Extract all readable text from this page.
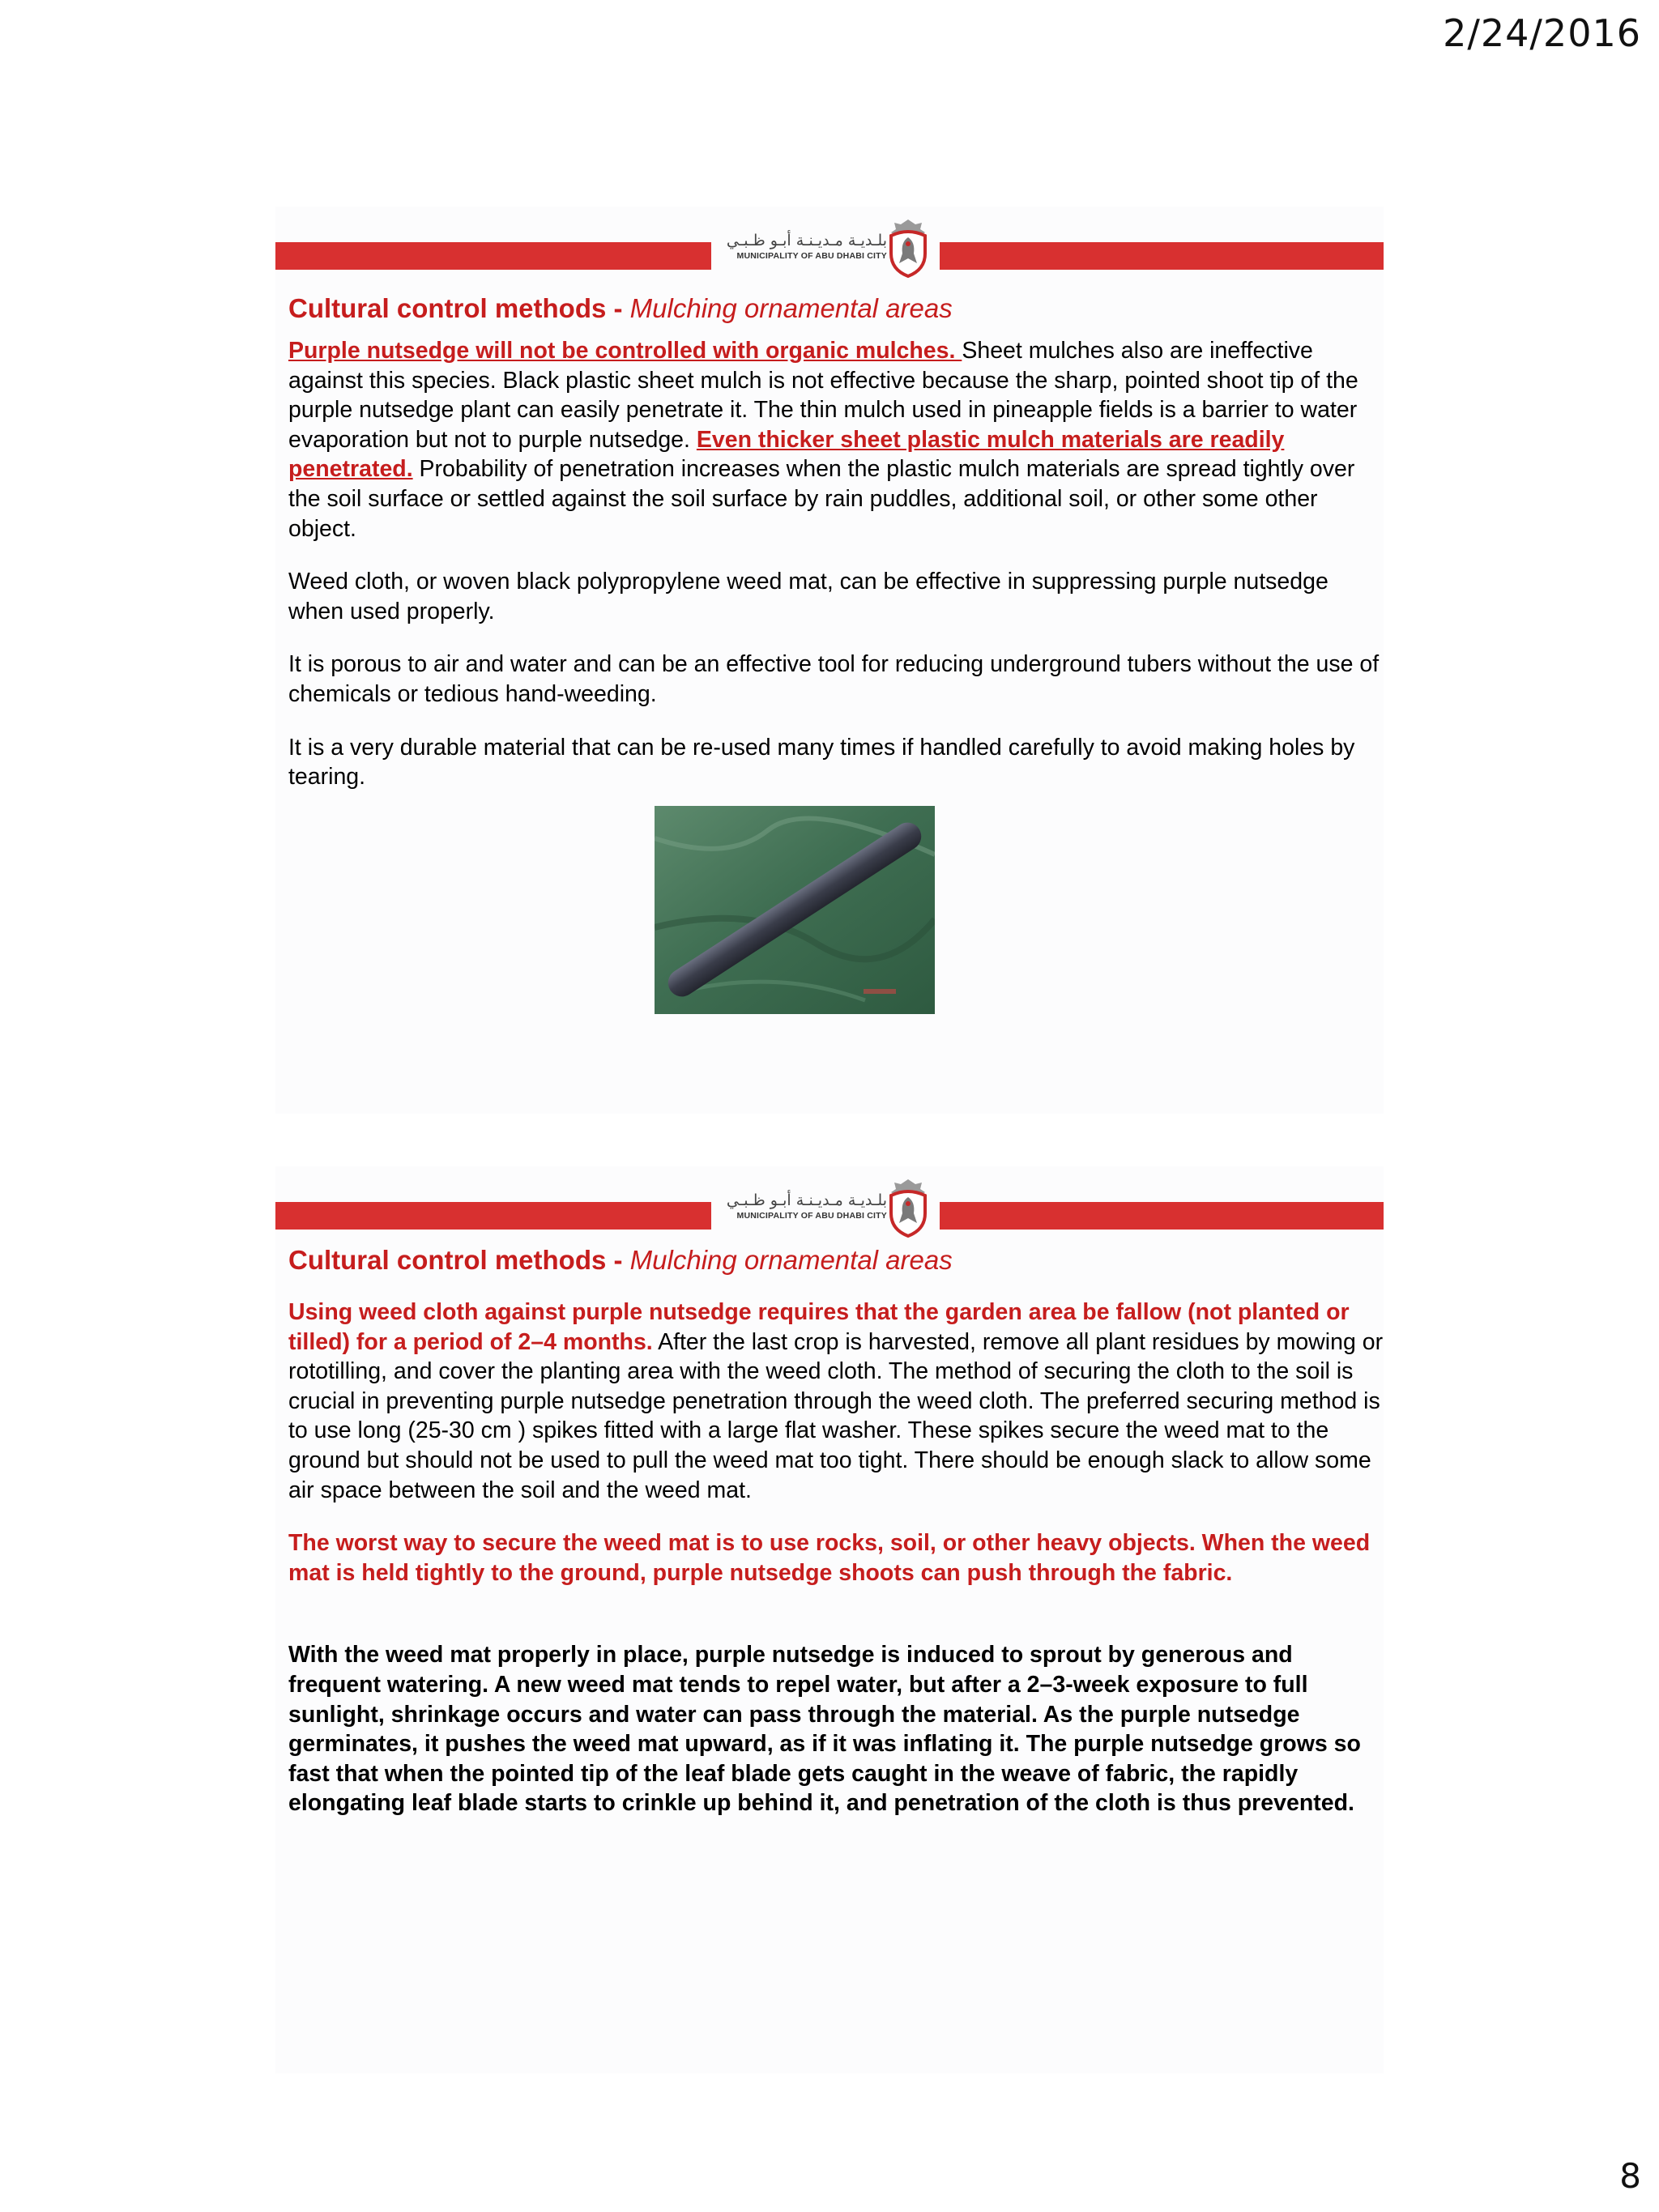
2/24/2016
بلـديـة مـديـنـة أبـو ظـبـي
MUNICIPALITY OF ABU DHABI CITY
Cultural control methods - Mulching ornamental areas

Purple nutsedge will not be controlled with organic mulches. Sheet mulches also are ineffective against this species. Black plastic sheet mulch is not effective because the sharp, pointed shoot tip of the purple nutsedge plant can easily penetrate it. The thin mulch used in pineapple fields is a barrier to water evaporation but not to purple nutsedge. Even thicker sheet plastic mulch materials are readily penetrated. Probability of penetration increases when the plastic mulch materials are spread tightly over the soil surface or settled against the soil surface by rain puddles, additional soil, or other some other object.

Weed cloth, or woven black polypropylene weed mat, can be effective in suppressing purple nutsedge when used properly.

It is porous to air and water and can be an effective tool for reducing underground tubers without the use of chemicals or tedious hand-weeding.

It is a very durable material that can be re-used many times if handled carefully to avoid making holes by tearing.

بلـديـة مـديـنـة أبـو ظـبـي
MUNICIPALITY OF ABU DHABI CITY
Cultural control methods - Mulching ornamental areas

Using weed cloth against purple nutsedge requires that the garden area be fallow (not planted or tilled) for a period of 2–4 months. After the last crop is harvested, remove all plant residues by mowing or rototilling, and cover the planting area with the weed cloth. The method of securing the cloth to the soil is crucial in preventing purple nutsedge penetration through the weed cloth. The preferred securing method is to use long (25-30 cm ) spikes fitted with a large flat washer. These spikes secure the weed mat to the ground but should not be used to pull the weed mat too tight. There should be enough slack to allow some air space between the soil and the weed mat.

The worst way to secure the weed mat is to use rocks, soil, or other heavy objects. When the weed mat is held tightly to the ground, purple nutsedge shoots can push through the fabric.

With the weed mat properly in place, purple nutsedge is induced to sprout by generous and frequent watering. A new weed mat tends to repel water, but after a 2–3-week exposure to full sunlight, shrinkage occurs and water can pass through the material. As the purple nutsedge germinates, it pushes the weed mat upward, as if it was inflating it. The purple nutsedge grows so fast that when the pointed tip of the leaf blade gets caught in the weave of fabric, the rapidly elongating leaf blade starts to crinkle up behind it, and penetration of the cloth is thus prevented.

8
